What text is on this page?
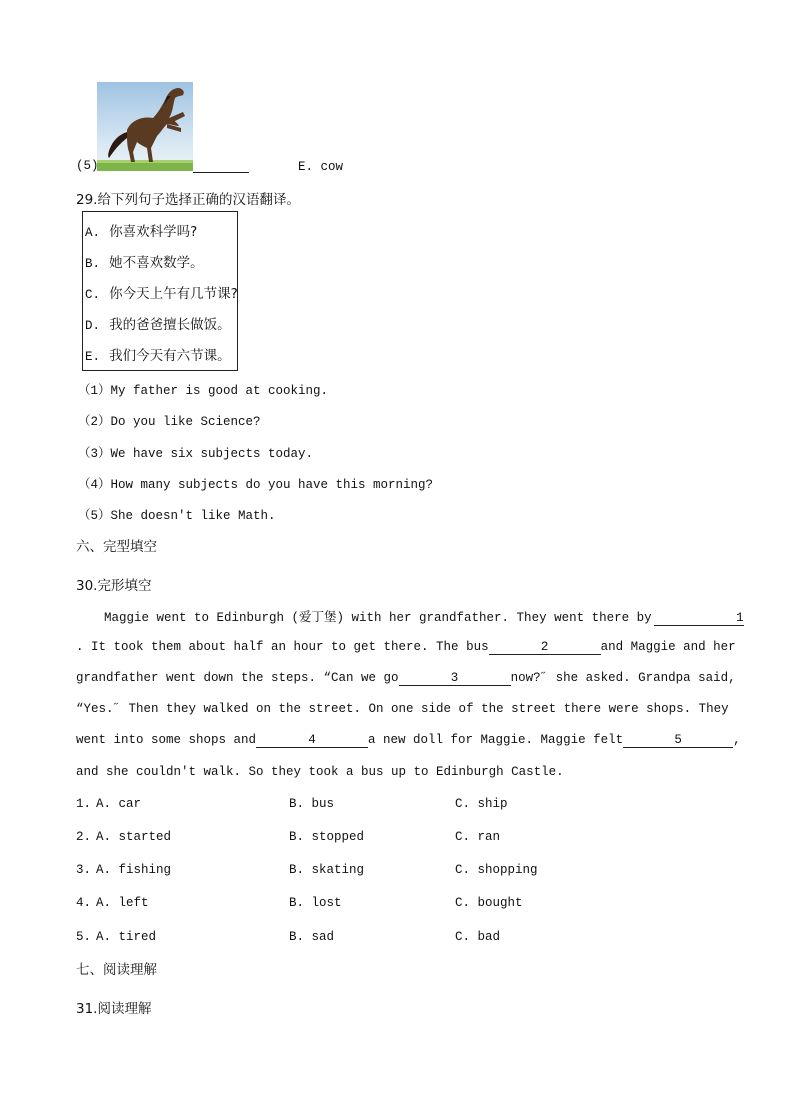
(5)	E. cow
29.给下列句子选择正确的汉语翻译。
A. 你喜欢科学吗?
B. 她不喜欢数学。
C. 你今天上午有几节课?
D. 我的爸爸擅长做饭。
E. 我们今天有六节课。
（1）My father is good at cooking.
（2）Do you like Science?
（3）We have six subjects today.
（4）How many subjects do you have this morning?
（5）She doesn't like Math.
六、完型填空
30.完形填空
Maggie went to Edinburgh (爱丁堡) with her grandfather. They went there by	1
. It took them about half an hour to get there. The bus	2	and Maggie and her
grandfather went down the steps. “Can we go	3	now?˝ she asked. Grandpa said,
“Yes.˝ Then they walked on the street. On one side of the street there were shops. They
went into some shops and	4	a new doll for Maggie. Maggie felt	5	,
and she couldn't walk. So they took a bus up to Edinburgh Castle.
1. A. car	B. bus	C. ship
2. A. started	B. stopped	C. ran
3. A. fishing	B. skating	C. shopping
4. A. left	B. lost	C. bought
5. A. tired	B. sad	C. bad
七、阅读理解
31.阅读理解
